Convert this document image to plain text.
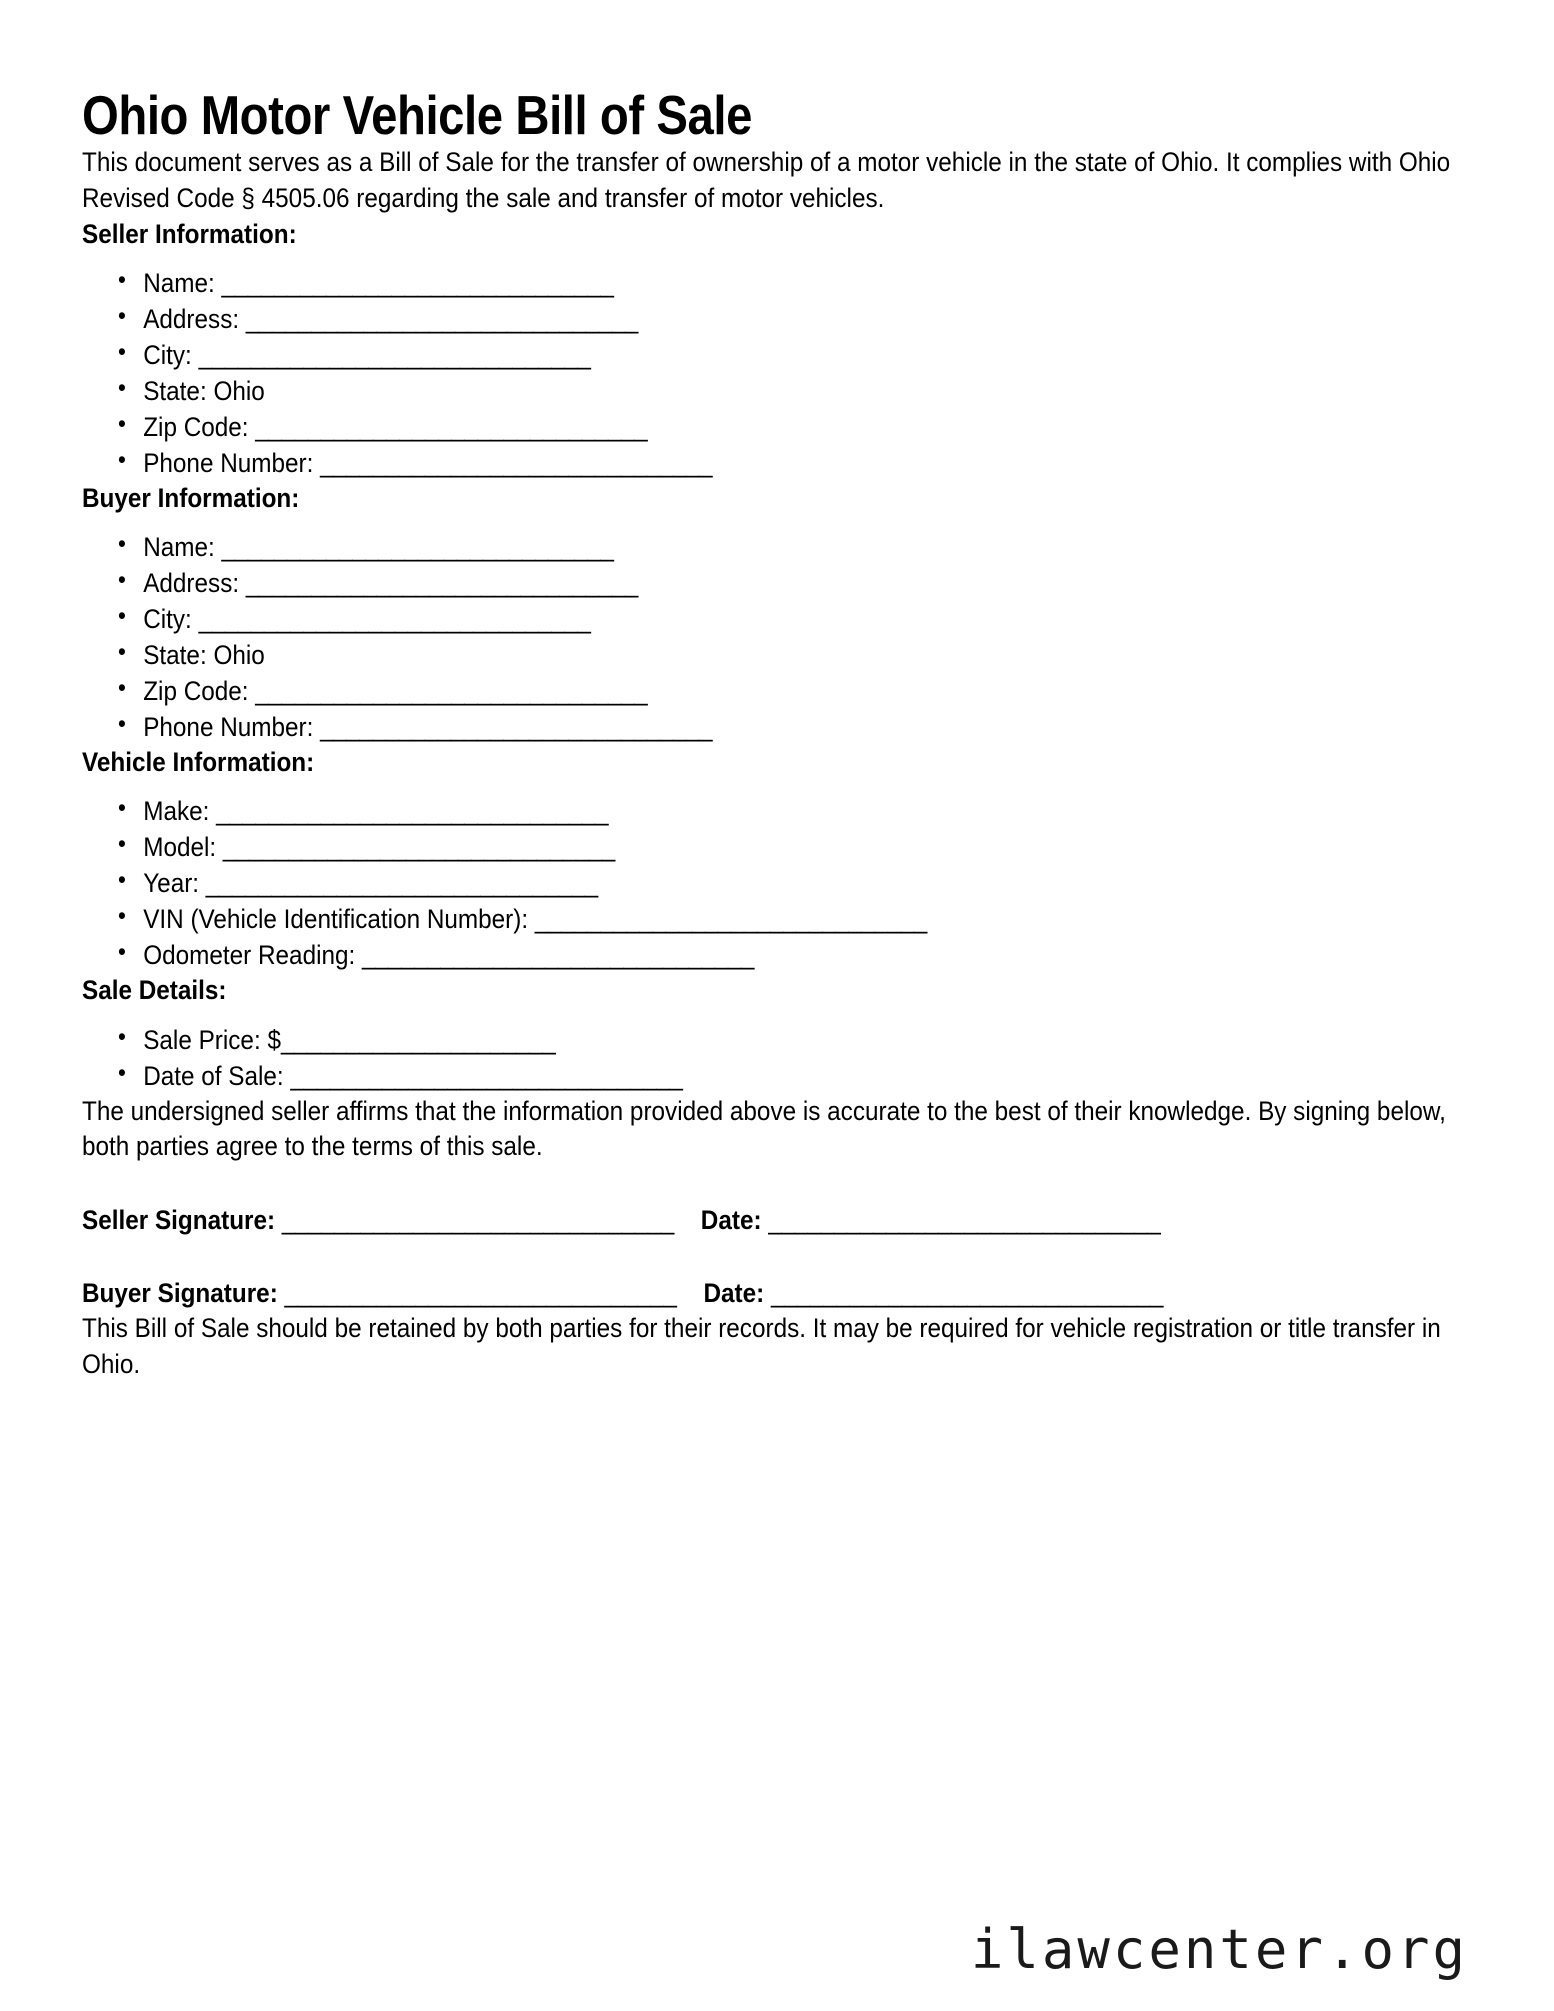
Ohio Motor Vehicle Bill of Sale

This document serves as a Bill of Sale for the transfer of ownership of a motor vehicle in the state of Ohio. It complies with Ohio Revised Code § 4505.06 regarding the sale and transfer of motor vehicles.

Seller Information:
• Name: ______________________________
• Address: ______________________________
• City: ______________________________
• State: Ohio
• Zip Code: ______________________________
• Phone Number: ______________________________
Buyer Information:
• Name: ______________________________
• Address: ______________________________
• City: ______________________________
• State: Ohio
• Zip Code: ______________________________
• Phone Number: ______________________________
Vehicle Information:
• Make: ______________________________
• Model: ______________________________
• Year: ______________________________
• VIN (Vehicle Identification Number): ______________________________
• Odometer Reading: ______________________________
Sale Details:
• Sale Price: $_____________________
• Date of Sale: ______________________________

The undersigned seller affirms that the information provided above is accurate to the best of their knowledge. By signing below, both parties agree to the terms of this sale.

Seller Signature: ______________________________ Date: ______________________________
Buyer Signature: ______________________________ Date: ______________________________

This Bill of Sale should be retained by both parties for their records. It may be required for vehicle registration or title transfer in Ohio.

ilawcenter.org
